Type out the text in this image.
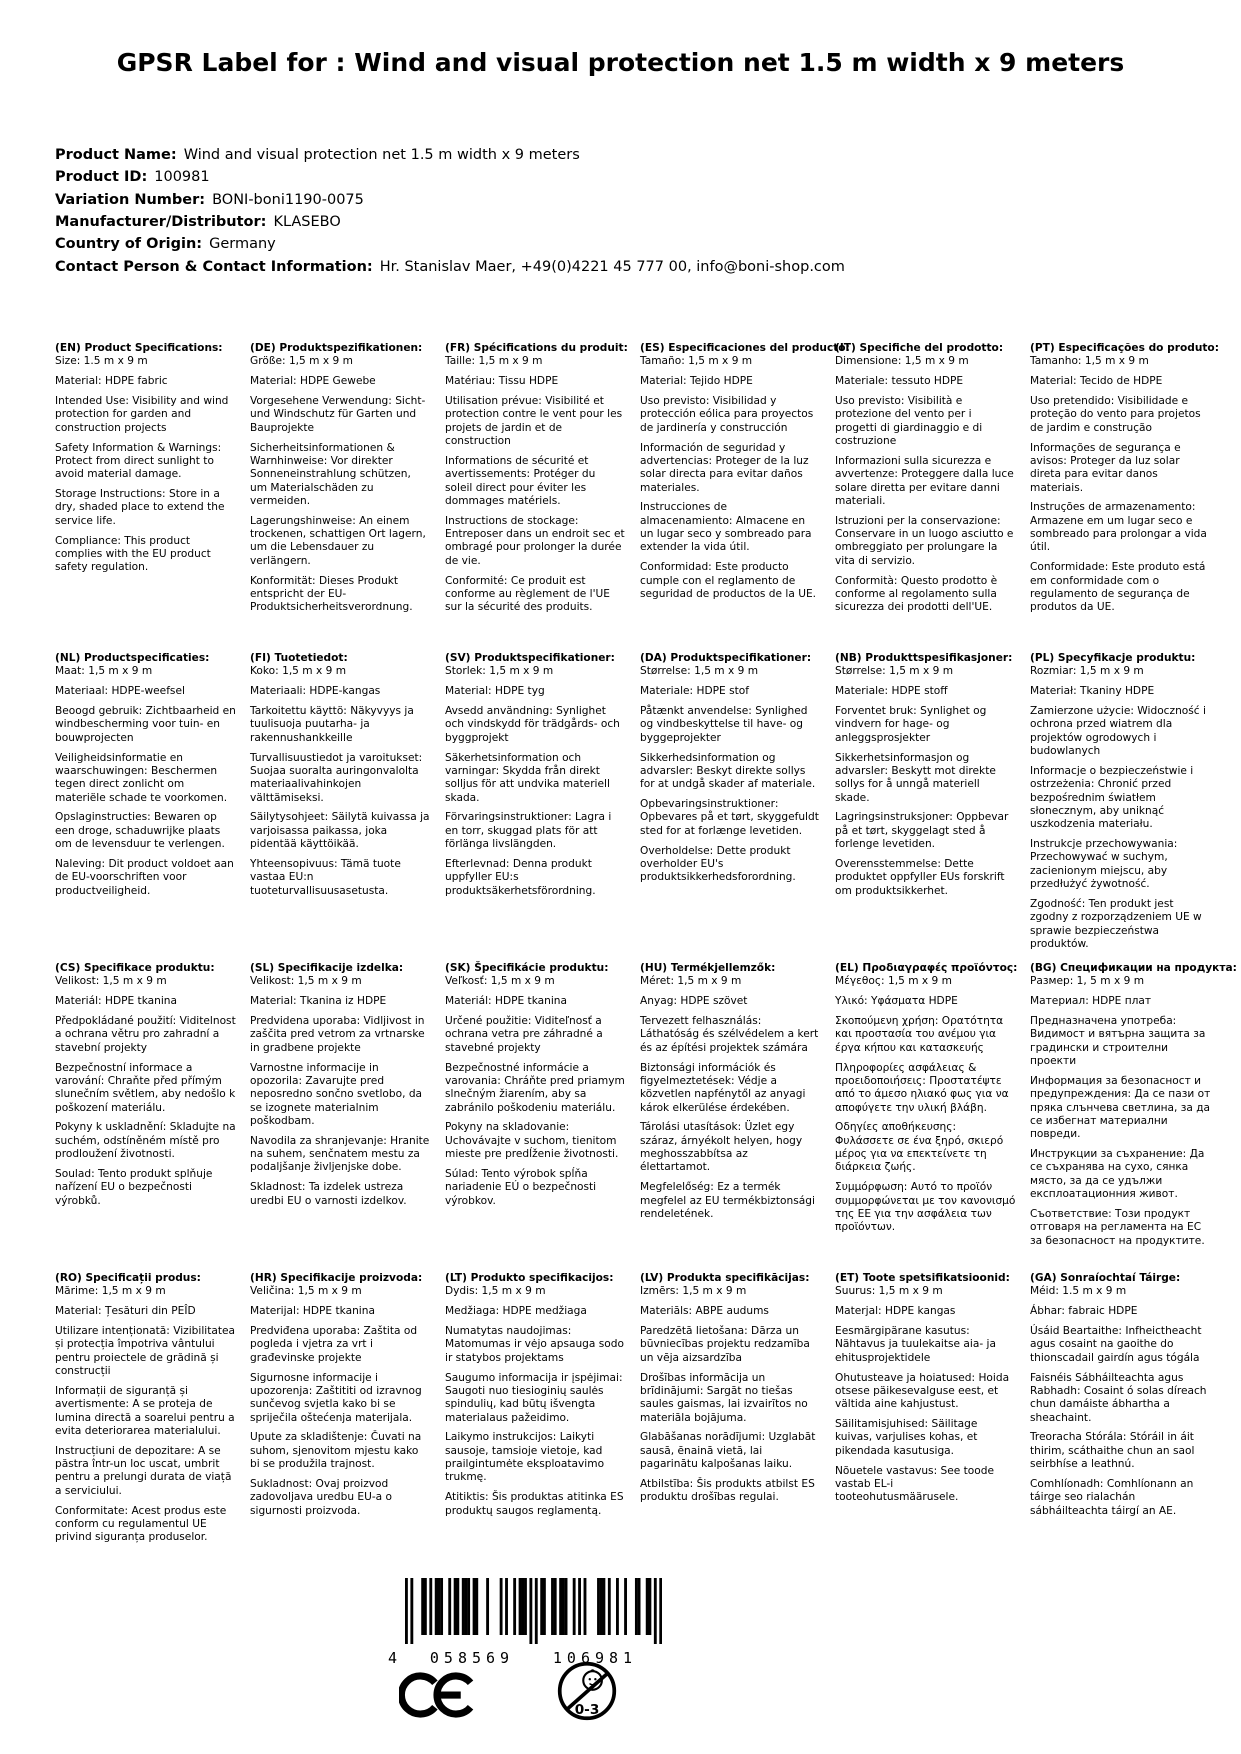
GPSR Label for : Wind and visual protection net 1.5 m width x 9 meters
Product Name: Wind and visual protection net 1.5 m width x 9 meters
Product ID: 100981
Variation Number: BONI-boni1190-0075
Manufacturer/Distributor: KLASEBO
Country of Origin: Germany
Contact Person & Contact Information: Hr. Stanislav Maer, +49(0)4221 45 777 00, info@boni-shop.com
(EN) Product Specifications:

Size: 1.5 m x 9 m

Material: HDPE fabric

Intended Use: Visibility and wind protection for garden and construction projects

Safety Information & Warnings: Protect from direct sunlight to avoid material damage.

Storage Instructions: Store in a dry, shaded place to extend the service life.

Compliance: This product complies with the EU product safety regulation.

(DE) Produktspezifikationen:

Größe: 1,5 m x 9 m

Material: HDPE Gewebe

Vorgesehene Verwendung: Sicht- und Windschutz für Garten und Bauprojekte

Sicherheitsinformationen & Warnhinweise: Vor direkter Sonneneinstrahlung schützen, um Materialschäden zu vermeiden.

Lagerungshinweise: An einem trockenen, schattigen Ort lagern, um die Lebensdauer zu verlängern.

Konformität: Dieses Produkt entspricht der EU-Produktsicherheitsverordnung.

(FR) Spécifications du produit:

Taille: 1,5 m x 9 m

Matériau: Tissu HDPE

Utilisation prévue: Visibilité et protection contre le vent pour les projets de jardin et de construction

Informations de sécurité et avertissements: Protéger du soleil direct pour éviter les dommages matériels.

Instructions de stockage: Entreposer dans un endroit sec et ombragé pour prolonger la durée de vie.

Conformité: Ce produit est conforme au règlement de l'UE sur la sécurité des produits.

(ES) Especificaciones del producto:

Tamaño: 1,5 m x 9 m

Material: Tejido HDPE

Uso previsto: Visibilidad y protección eólica para proyectos de jardinería y construcción

Información de seguridad y advertencias: Proteger de la luz solar directa para evitar daños materiales.

Instrucciones de almacenamiento: Almacene en un lugar seco y sombreado para extender la vida útil.

Conformidad: Este producto cumple con el reglamento de seguridad de productos de la UE.

(IT) Specifiche del prodotto:

Dimensione: 1,5 m x 9 m

Materiale: tessuto HDPE

Uso previsto: Visibilità e protezione del vento per i progetti di giardinaggio e di costruzione

Informazioni sulla sicurezza e avvertenze: Proteggere dalla luce solare diretta per evitare danni materiali.

Istruzioni per la conservazione: Conservare in un luogo asciutto e ombreggiato per prolungare la vita di servizio.

Conformità: Questo prodotto è conforme al regolamento sulla sicurezza dei prodotti dell'UE.

(PT) Especificações do produto:

Tamanho: 1,5 m x 9 m

Material: Tecido de HDPE

Uso pretendido: Visibilidade e proteção do vento para projetos de jardim e construção

Informações de segurança e avisos: Proteger da luz solar direta para evitar danos materiais.

Instruções de armazenamento: Armazene em um lugar seco e sombreado para prolongar a vida útil.

Conformidade: Este produto está em conformidade com o regulamento de segurança de produtos da UE.

(NL) Productspecificaties:

Maat: 1,5 m x 9 m

Materiaal: HDPE-weefsel

Beoogd gebruik: Zichtbaarheid en windbescherming voor tuin- en bouwprojecten

Veiligheidsinformatie en waarschuwingen: Beschermen tegen direct zonlicht om materiële schade te voorkomen.

Opslaginstructies: Bewaren op een droge, schaduwrijke plaats om de levensduur te verlengen.

Naleving: Dit product voldoet aan de EU-voorschriften voor productveiligheid.

(FI) Tuotetiedot:

Koko: 1,5 m x 9 m

Materiaali: HDPE-kangas

Tarkoitettu käyttö: Näkyvyys ja tuulisuoja puutarha- ja rakennushankkeille

Turvallisuustiedot ja varoitukset: Suojaa suoralta auringonvalolta materiaalivahinkojen välttämiseksi.

Säilytysohjeet: Säilytä kuivassa ja varjoisassa paikassa, joka pidentää käyttöikää.

Yhteensopivuus: Tämä tuote vastaa EU:n tuoteturvallisuusasetusta.

(SV) Produktspecifikationer:

Storlek: 1,5 m x 9 m

Material: HDPE tyg

Avsedd användning: Synlighet och vindskydd för trädgårds- och byggprojekt

Säkerhetsinformation och varningar: Skydda från direkt solljus för att undvika materiell skada.

Förvaringsinstruktioner: Lagra i en torr, skuggad plats för att förlänga livslängden.

Efterlevnad: Denna produkt uppfyller EU:s produktsäkerhetsförordning.

(DA) Produktspecifikationer:

Størrelse: 1,5 m x 9 m

Materiale: HDPE stof

Påtænkt anvendelse: Synlighed og vindbeskyttelse til have- og byggeprojekter

Sikkerhedsinformation og advarsler: Beskyt direkte sollys for at undgå skader af materiale.

Opbevaringsinstruktioner: Opbevares på et tørt, skyggefuldt sted for at forlænge levetiden.

Overholdelse: Dette produkt overholder EU's produktsikkerhedsforordning.

(NB) Produkttspesifikasjoner:

Størrelse: 1,5 m x 9 m

Materiale: HDPE stoff

Forventet bruk: Synlighet og vindvern for hage- og anleggsprosjekter

Sikkerhetsinformasjon og advarsler: Beskytt mot direkte sollys for å unngå materiell skade.

Lagringsinstruksjoner: Oppbevar på et tørt, skyggelagt sted å forlenge levetiden.

Overensstemmelse: Dette produktet oppfyller EUs forskrift om produktsikkerhet.

(PL) Specyfikacje produktu:

Rozmiar: 1,5 m x 9 m

Materiał: Tkaniny HDPE

Zamierzone użycie: Widoczność i ochrona przed wiatrem dla projektów ogrodowych i budowlanych

Informacje o bezpieczeństwie i ostrzeżenia: Chronić przed bezpośrednim światłem słonecznym, aby uniknąć uszkodzenia materiału.

Instrukcje przechowywania: Przechowywać w suchym, zacienionym miejscu, aby przedłużyć żywotność.

Zgodność: Ten produkt jest zgodny z rozporządzeniem UE w sprawie bezpieczeństwa produktów.

(CS) Specifikace produktu:

Velikost: 1,5 m x 9 m

Materiál: HDPE tkanina

Předpokládané použití: Viditelnost a ochrana větru pro zahradní a stavební projekty

Bezpečnostní informace a varování: Chraňte před přímým slunečním světlem, aby nedošlo k poškození materiálu.

Pokyny k uskladnění: Skladujte na suchém, odstíněném místě pro prodloužení životnosti.

Soulad: Tento produkt splňuje nařízení EU o bezpečnosti výrobků.

(SL) Specifikacije izdelka:

Velikost: 1,5 m x 9 m

Material: Tkanina iz HDPE

Predvidena uporaba: Vidljivost in zaščita pred vetrom za vrtnarske in gradbene projekte

Varnostne informacije in opozorila: Zavarujte pred neposredno sončno svetlobo, da se izognete materialnim poškodbam.

Navodila za shranjevanje: Hranite na suhem, senčnatem mestu za podaljšanje življenjske dobe.

Skladnost: Ta izdelek ustreza uredbi EU o varnosti izdelkov.

(SK) Špecifikácie produktu:

Veľkosť: 1,5 m x 9 m

Materiál: HDPE tkanina

Určené použitie: Viditeľnosť a ochrana vetra pre záhradné a stavebné projekty

Bezpečnostné informácie a varovania: Chráňte pred priamym slnečným žiarením, aby sa zabránilo poškodeniu materiálu.

Pokyny na skladovanie: Uchovávajte v suchom, tienitom mieste pre predĺženie životnosti.

Súlad: Tento výrobok spĺňa nariadenie EÚ o bezpečnosti výrobkov.

(HU) Termékjellemzők:

Méret: 1,5 m x 9 m

Anyag: HDPE szövet

Tervezett felhasználás: Láthatóság és szélvédelem a kert és az építési projektek számára

Biztonsági információk és figyelmeztetések: Védje a közvetlen napfénytől az anyagi károk elkerülése érdekében.

Tárolási utasítások: Üzlet egy száraz, árnyékolt helyen, hogy meghosszabbítsa az élettartamot.

Megfelelőség: Ez a termék megfelel az EU termékbiztonsági rendeletének.

(EL) Προδιαγραφές προϊόντος:

Μέγεθος: 1,5 m x 9 m

Υλικό: Υφάσματα HDPE

Σκοπούμενη χρήση: Ορατότητα και προστασία του ανέμου για έργα κήπου και κατασκευής

Πληροφορίες ασφάλειας & προειδοποιήσεις: Προστατέψτε από το άμεσο ηλιακό φως για να αποφύγετε την υλική βλάβη.

Οδηγίες αποθήκευσης: Φυλάσσετε σε ένα ξηρό, σκιερό μέρος για να επεκτείνετε τη διάρκεια ζωής.

Συμμόρφωση: Αυτό το προϊόν συμμορφώνεται με τον κανονισμό της ΕΕ για την ασφάλεια των προϊόντων.

(BG) Спецификации на продукта:

Размер: 1, 5 m x 9 m

Материал: HDPE плат

Предназначена употреба: Видимост и вятърна защита за градински и строителни проекти

Информация за безопасност и предупреждения: Да се пази от пряка слънчева светлина, за да се избегнат материални повреди.

Инструкции за съхранение: Да се съхранява на сухо, сянка място, за да се удължи експлоатационния живот.

Съответствие: Този продукт отговаря на регламента на ЕС за безопасност на продуктите.

(RO) Specificații produs:

Mărime: 1,5 m x 9 m

Material: Țesături din PEÎD

Utilizare intenționată: Vizibilitatea și protecția împotriva vântului pentru proiectele de grădină și construcții

Informații de siguranță și avertismente: A se proteja de lumina directă a soarelui pentru a evita deteriorarea materialului.

Instrucțiuni de depozitare: A se păstra într-un loc uscat, umbrit pentru a prelungi durata de viață a serviciului.

Conformitate: Acest produs este conform cu regulamentul UE privind siguranța produselor.

(HR) Specifikacije proizvoda:

Veličina: 1,5 m x 9 m

Materijal: HDPE tkanina

Predviđena uporaba: Zaštita od pogleda i vjetra za vrt i građevinske projekte

Sigurnosne informacije i upozorenja: Zaštititi od izravnog sunčevog svjetla kako bi se spriječila oštećenja materijala.

Upute za skladištenje: Čuvati na suhom, sjenovitom mjestu kako bi se produžila trajnost.

Sukladnost: Ovaj proizvod zadovoljava uredbu EU-a o sigurnosti proizvoda.

(LT) Produkto specifikacijos:

Dydis: 1,5 m x 9 m

Medžiaga: HDPE medžiaga

Numatytas naudojimas: Matomumas ir vėjo apsauga sodo ir statybos projektams

Saugumo informacija ir įspėjimai: Saugoti nuo tiesioginių saulės spindulių, kad būtų išvengta materialaus pažeidimo.

Laikymo instrukcijos: Laikyti sausoje, tamsioje vietoje, kad prailgintumėte eksploatavimo trukmę.

Atitiktis: Šis produktas atitinka ES produktų saugos reglamentą.

(LV) Produkta specifikācijas:

Izmērs: 1,5 m x 9 m

Materiāls: ABPE audums

Paredzētā lietošana: Dārza un būvniecības projektu redzamība un vēja aizsardzība

Drošības informācija un brīdinājumi: Sargāt no tiešas saules gaismas, lai izvairītos no materiāla bojājuma.

Glabāšanas norādījumi: Uzglabāt sausā, ēnainā vietā, lai pagarinātu kalpošanas laiku.

Atbilstība: Šis produkts atbilst ES produktu drošības regulai.

(ET) Toote spetsifikatsioonid:

Suurus: 1,5 m x 9 m

Materjal: HDPE kangas

Eesmärgipärane kasutus: Nähtavus ja tuulekaitse aia- ja ehitusprojektidele

Ohutusteave ja hoiatused: Hoida otsese päikesevalguse eest, et vältida aine kahjustust.

Säilitamisjuhised: Säilitage kuivas, varjulises kohas, et pikendada kasutusiga.

Nõuetele vastavus: See toode vastab EL-i tooteohutusmäärusele.

(GA) Sonraíochtaí Táirge:

Méid: 1.5 m x 9 m

Ábhar: fabraic HDPE

Úsáid Beartaithe: Infheictheacht agus cosaint na gaoithe do thionscadail gairdín agus tógála

Faisnéis Sábháilteachta agus Rabhadh: Cosaint ó solas díreach chun damáiste ábhartha a sheachaint.

Treoracha Stórála: Stóráil in áit thirim, scáthaithe chun an saol seirbhíse a leathnú.

Comhlíonadh: Comhlíonann an táirge seo rialachán sábháilteachta táirgí an AE.

4	058569	106981
0-3
